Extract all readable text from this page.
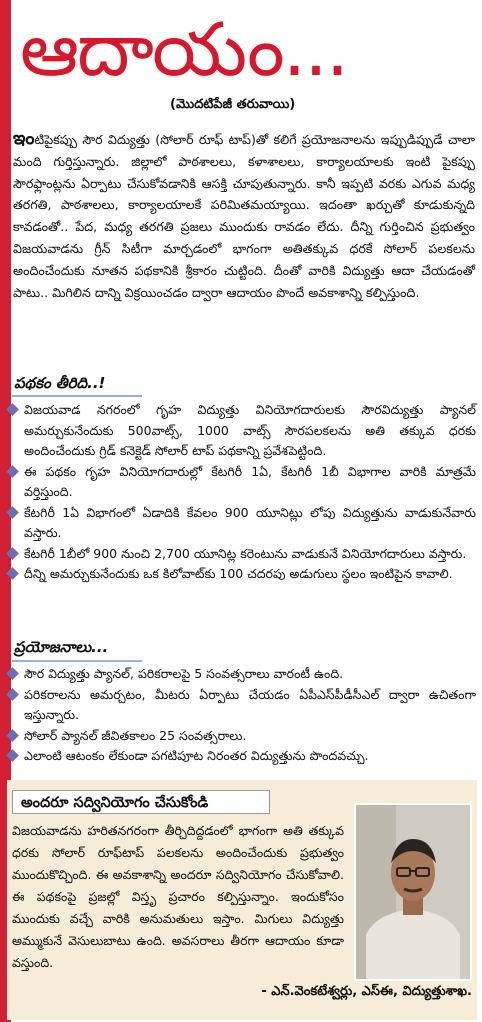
ఆదాయం...
(మొదటిపేజీ తరువాయి)
ఇంటిపైకప్పు సౌర విద్యుత్తు (సోలార్ రూఫ్ టాప్)తో కలిగే ప్రయోజనాలను ఇప్పుడిప్పుడే చాలా మంది గుర్తిస్తున్నారు. జిల్లాలో పాఠశాలలు, కళాశాలలు, కార్యాలయాలకు ఇంటి పైకప్పు సౌరఫ్లాంట్లను ఏర్పాటు చేసుకోవడానికి ఆసక్తి చూపుతున్నారు. కానీ ఇప్పటి వరకు ఎగువ మధ్య తరగతి, పాఠశాలలు, కార్యాలయాలకే పరిమితమయ్యాయి. ఇదంతా ఖర్చుతో కూడుకున్నది కావడంతో.. పేద, మధ్య తరగతి ప్రజలు ముందుకు రావడం లేదు. దీన్ని గుర్తించిన ప్రభుత్వం విజయవాడను గ్రీన్ సిటీగా మార్చడంలో భాగంగా అతితక్కువ ధరకే సోలార్ పలకలను అందించేందుకు నూతన పథకానికి శ్రీకారం చుట్టింది. దీంతో వారికి విద్యుత్తు ఆదా చేయడంతో పాటు.. మిగిలిన దాన్ని విక్రయించడం ద్వారా ఆదాయం పొందే అవకాశాన్ని కల్పిస్తుంది.
పథకం తీరిది..!
విజయవాడ నగరంలో గృహ విద్యుత్తు వినియోగదారులకు సౌరవిద్యుత్తు ప్యానల్ అమర్చుకునేందుకు 500వాట్స్, 1000 వాట్స్ సౌరపలకలను అతి తక్కువ ధరకు అందించేందుకు గ్రిడ్ కనెక్టెడ్ సోలార్ టాప్ పథకాన్ని ప్రవేశపెట్టింది.
ఈ పథకం గృహ వినియోగదారుల్లో కేటగిరీ 1ఏ, కేటగిరీ 1బీ విభాగాల వారికి మాత్రమే వర్తిస్తుంది.
కేటగిరీ 1ఏ విభాగంలో ఏడాదికి కేవలం 900 యూనిట్లు లోపు విద్యుత్తును వాడుకునేవారు వస్తారు.
కేటగిరీ 1బీలో 900 నుంచి 2,700 యూనిట్ల కరెంటును వాడుకునే వినియోగదారులు వస్తారు.
దీన్ని అమర్చుకునేందుకు ఒక కిలోవాట్‌కు 100 చదరపు అడుగులు స్థలం ఇంటిపైన కావాలి.
ప్రయోజనాలు...
సౌర విద్యుత్తు ప్యానల్, పరికరాలపై 5 సంవత్సరాలు వారంటీ ఉంది.
పరికరాలను అమర్చటం, మీటరు ఏర్పాటు చేయడం ఏపీఎస్‌పీడీసీఎల్ ద్వారా ఉచితంగా ఇస్తున్నారు.
సోలార్ ప్యానల్ జీవితకాలం 25 సంవత్సరాలు.
ఎలాంటి ఆటంకం లేకుండా పగటిపూట నిరంతర విద్యుత్తును పొందవచ్చు.
అందరూ సద్వినియోగం చేసుకోండి
విజయవాడను హరితనగరంగా తీర్చిదిద్దడంలో భాగంగా అతి తక్కువ ధరకు సోలార్ రూఫ్‌టాప్ పలకలను అందించేందుకు ప్రభుత్వం ముందుకొచ్చింది. ఈ అవకాశాన్ని అందరూ సద్వినియోగం చేసుకోవాలి. ఈ పథకంపై ప్రజల్లో విస్తృ ప్రచారం కల్పిస్తున్నాం. ఇందుకోసం ముందుకు వచ్చే వారికి అనుమతులు ఇస్తాం. మిగులు విద్యుత్తు అమ్ముకునే వెసులుబాటు ఉంది. అవసరాలు తీరగా ఆదాయం కూడా వస్తుంది.
- ఎన్.వెంకటేశ్వర్లు, ఎస్ఈ, విద్యుత్తుశాఖ.
